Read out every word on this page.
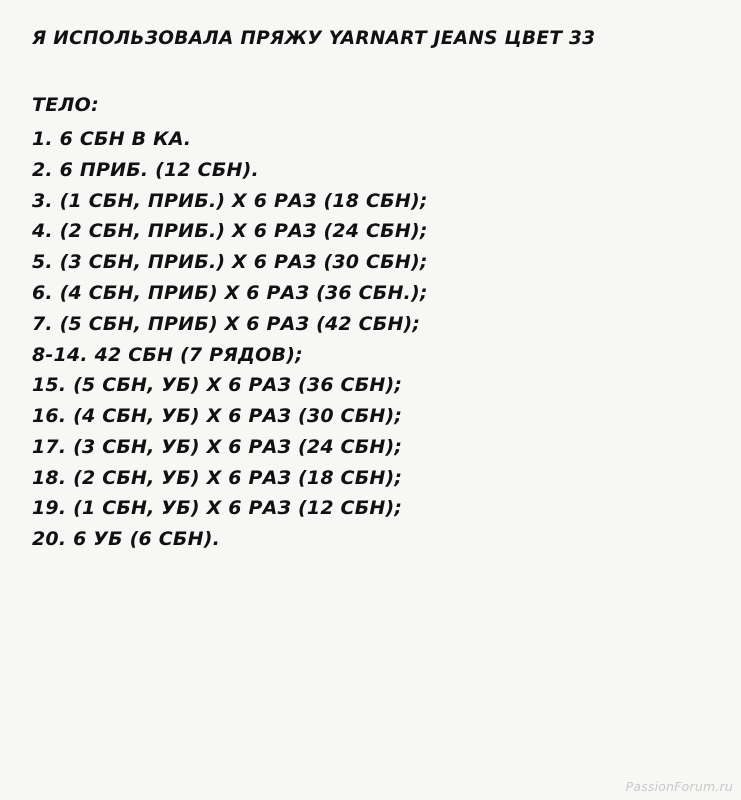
Я ИСПОЛЬЗОВАЛА ПРЯЖУ YARNART JEANS ЦВЕТ 33
ТЕЛО:
1. 6 СБН В КА.
2. 6 ПРИБ. (12 СБН).
3. (1 СБН, ПРИБ.) Х 6 РАЗ (18 СБН);
4. (2 СБН, ПРИБ.) Х 6 РАЗ (24 СБН);
5. (3 СБН, ПРИБ.) Х 6 РАЗ (30 СБН);
6. (4 СБН, ПРИБ) Х 6 РАЗ (36 СБН.);
7. (5 СБН, ПРИБ) Х 6 РАЗ (42 СБН);
8-14. 42 СБН (7 РЯДОВ);
15. (5 СБН, УБ) Х 6 РАЗ (36 СБН);
16. (4 СБН, УБ) Х 6 РАЗ (30 СБН);
17. (3 СБН, УБ) Х 6 РАЗ (24 СБН);
18. (2 СБН, УБ) Х 6 РАЗ (18 СБН);
19. (1 СБН, УБ) Х 6 РАЗ (12 СБН);
20. 6 УБ (6 СБН).
PassionForum.ru
